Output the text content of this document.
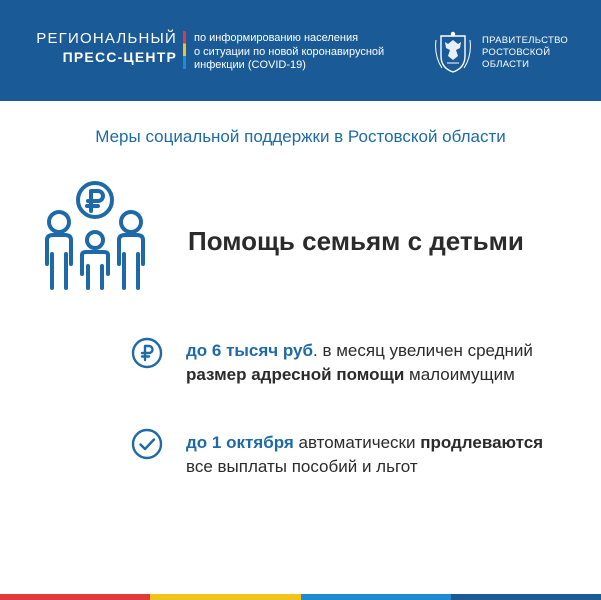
РЕГИОНАЛЬНЫЙ
ПРЕСС-ЦЕНТР
по информированию населения
о ситуации по новой коронавирусной
инфекции (COVID-19)
ПРАВИТЕЛЬСТВО
РОСТОВСКОЙ
ОБЛАСТИ
Меры социальной поддержки в Ростовской области
Помощь семьям с детьми
до 6 тысяч руб. в месяц увеличен средний размер адресной помощи малоимущим
до 1 октября автоматически продлеваются все выплаты пособий и льгот
